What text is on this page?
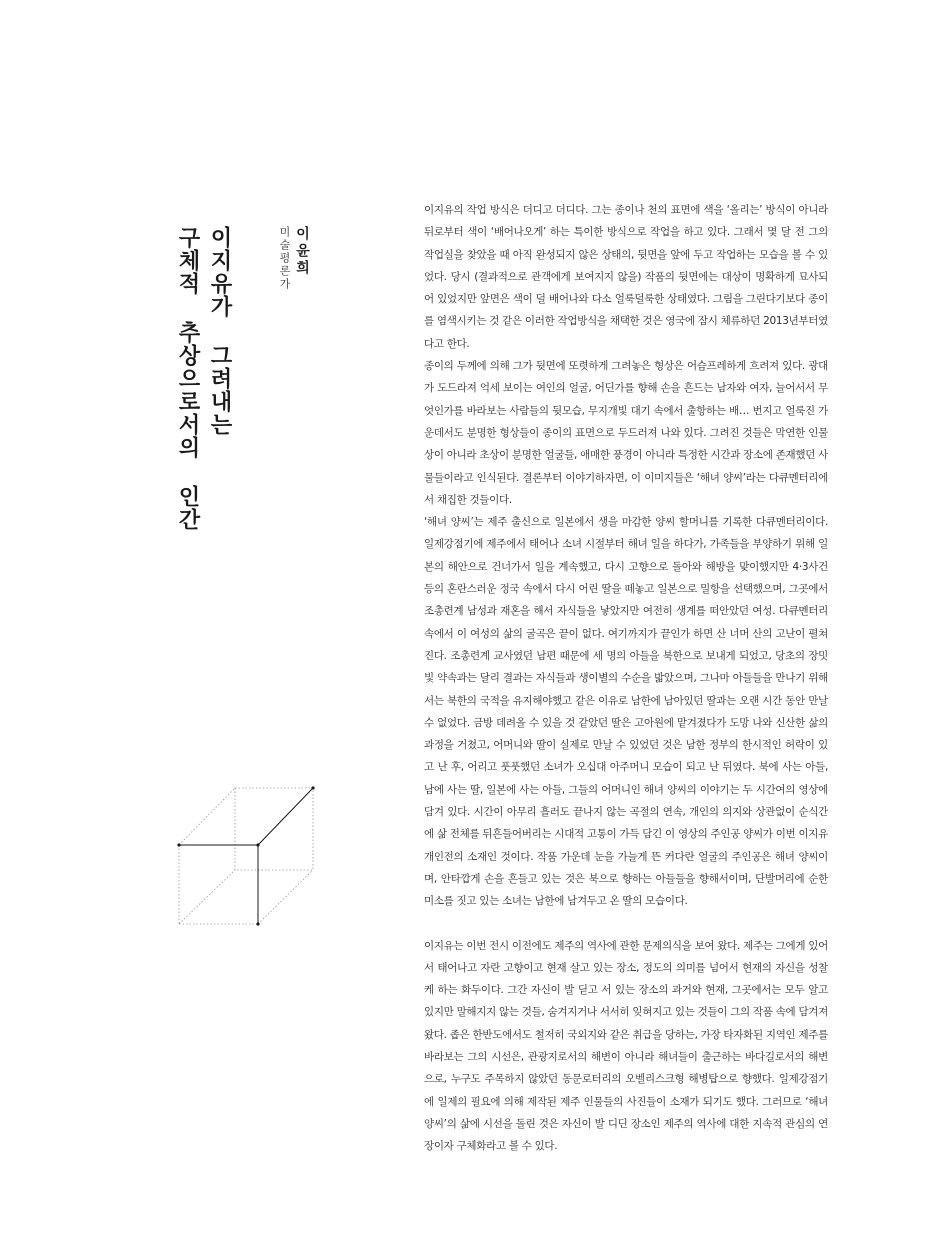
이지유가 그려내는
구체적 추상으로서의 인간	이윤희
미술평론가

이지유의 작업 방식은 더디고 더디다. 그는 종이나 천의 표면에 색을 ‘올리는’ 방식이 아니라 뒤로부터 색이 ‘배어나오게’ 하는 특이한 방식으로 작업을 하고 있다. 그래서 몇 달 전 그의 작업실을 찾았을 때 아직 완성되지 않은 상태의, 뒷면을 앞에 두고 작업하는 모습을 볼 수 있었다. 당시 (결과적으로 관객에게 보여지지 않을) 작품의 뒷면에는 대상이 명확하게 묘사되어 있었지만 앞면은 색이 덜 배어나와 다소 얼룩덜룩한 상태였다. 그림을 그린다기보다 종이를 염색시키는 것 같은 이러한 작업방식을 채택한 것은 영국에 잠시 체류하던 2013년부터였다고 한다.

종이의 두께에 의해 그가 뒷면에 또렷하게 그려놓은 형상은 어슴프레하게 흐려져 있다. 광대가 도드라져 억세 보이는 여인의 얼굴, 어딘가를 향해 손을 흔드는 남자와 여자, 늘어서서 무엇인가를 바라보는 사람들의 뒷모습, 무지개빛 대기 속에서 출항하는 배… 번지고 얼룩진 가운데서도 분명한 형상들이 종이의 표면으로 두드러져 나와 있다. 그려진 것들은 막연한 인물상이 아니라 초상이 분명한 얼굴들, 애매한 풍경이 아니라 특정한 시간과 장소에 존재했던 사물들이라고 인식된다. 결론부터 이야기하자면, 이 이미지들은 ‘해녀 양씨’라는 다큐멘터리에서 채집한 것들이다.

‘해녀 양씨’는 제주 출신으로 일본에서 생을 마감한 양씨 할머니를 기록한 다큐멘터리이다. 일제강점기에 제주에서 태어나 소녀 시절부터 해녀 일을 하다가, 가족들을 부양하기 위해 일본의 해안으로 건너가서 일을 계속했고, 다시 고향으로 돌아와 해방을 맞이했지만 4·3사건 등의 혼란스러운 정국 속에서 다시 어린 딸을 떼놓고 일본으로 밀항을 선택했으며, 그곳에서 조총련계 남성과 재혼을 해서 자식들을 낳았지만 여전히 생계를 떠안았던 여성. 다큐멘터리 속에서 이 여성의 삶의 굴곡은 끝이 없다. 여기까지가 끝인가 하면 산 너머 산의 고난이 펼쳐진다. 조총련계 교사였던 남편 때문에 세 명의 아들을 북한으로 보내게 되었고, 당초의 장밋빛 약속과는 달리 결과는 자식들과 생이별의 수순을 밟았으며, 그나마 아들들을 만나기 위해서는 북한의 국적을 유지해야했고 같은 이유로 남한에 남아있던 딸과는 오랜 시간 동안 만날 수 없었다. 금방 데려올 수 있을 것 같았던 딸은 고아원에 맡겨졌다가 도망 나와 신산한 삶의 과정을 거쳤고, 어머니와 딸이 실제로 만날 수 있었던 것은 남한 정부의 한시적인 허락이 있고 난 후, 어리고 풋풋했던 소녀가 오십대 아주머니 모습이 되고 난 뒤였다. 북에 사는 아들, 남에 사는 딸, 일본에 사는 아들, 그들의 어머니인 해녀 양씨의 이야기는 두 시간여의 영상에 담겨 있다. 시간이 아무리 흘러도 끝나지 않는 곡절의 연속, 개인의 의지와 상관없이 순식간에 삶 전체를 뒤흔들어버리는 시대적 고통이 가득 담긴 이 영상의 주인공 양씨가 이번 이지유 개인전의 소재인 것이다. 작품 가운데 눈을 가늘게 뜬 커다란 얼굴의 주인공은 해녀 양씨이며, 안타깝게 손을 흔들고 있는 것은 북으로 향하는 아들들을 향해서이며, 단발머리에 순한 미소를 짓고 있는 소녀는 남한에 남겨두고 온 딸의 모습이다.

이지유는 이번 전시 이전에도 제주의 역사에 관한 문제의식을 보여 왔다. 제주는 그에게 있어서 태어나고 자란 고향이고 현재 살고 있는 장소, 정도의 의미를 넘어서 현재의 자신을 성찰케 하는 화두이다. 그간 자신이 발 딛고 서 있는 장소의 과거와 현재, 그곳에서는 모두 알고 있지만 말해지지 않는 것들, 숨겨지거나 서서히 잊혀지고 있는 것들이 그의 작품 속에 담겨져 왔다. 좁은 한반도에서도 철저히 국외지와 같은 취급을 당하는, 가장 타자화된 지역인 제주를 바라보는 그의 시선은, 관광지로서의 해변이 아니라 해녀들이 출근하는 바다길로서의 해변으로, 누구도 주목하지 않았던 동문로터리의 오벨리스크형 해병탑으로 향했다. 일제강점기에 일제의 필요에 의해 제작된 제주 인물들의 사진들이 소재가 되기도 했다. 그러므로 ‘해녀 양씨’의 삶에 시선을 돌린 것은 자신이 발 디딘 장소인 제주의 역사에 대한 지속적 관심의 연장이자 구체화라고 볼 수 있다.
